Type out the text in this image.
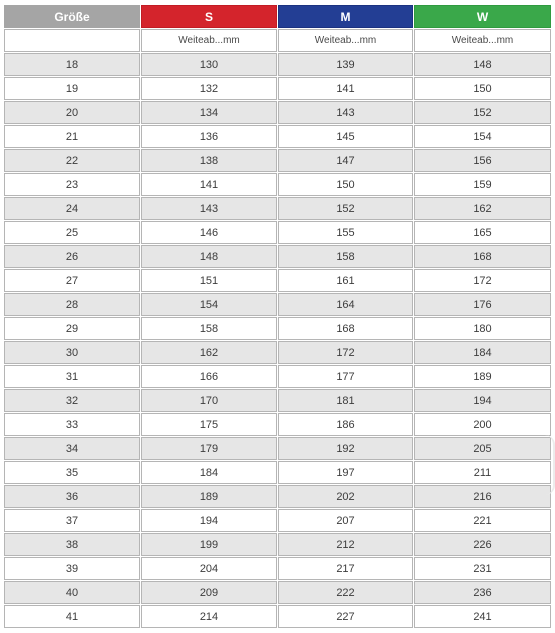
Größe	S	M	W
	Weiteab...mm	Weiteab...mm	Weiteab...mm
18	130	139	148
19	132	141	150
20	134	143	152
21	136	145	154
22	138	147	156
23	141	150	159
24	143	152	162
25	146	155	165
26	148	158	168
27	151	161	172
28	154	164	176
29	158	168	180
30	162	172	184
31	166	177	189
32	170	181	194
33	175	186	200
34	179	192	205
35	184	197	211
36	189	202	216
37	194	207	221
38	199	212	226
39	204	217	231
40	209	222	236
41	214	227	241
